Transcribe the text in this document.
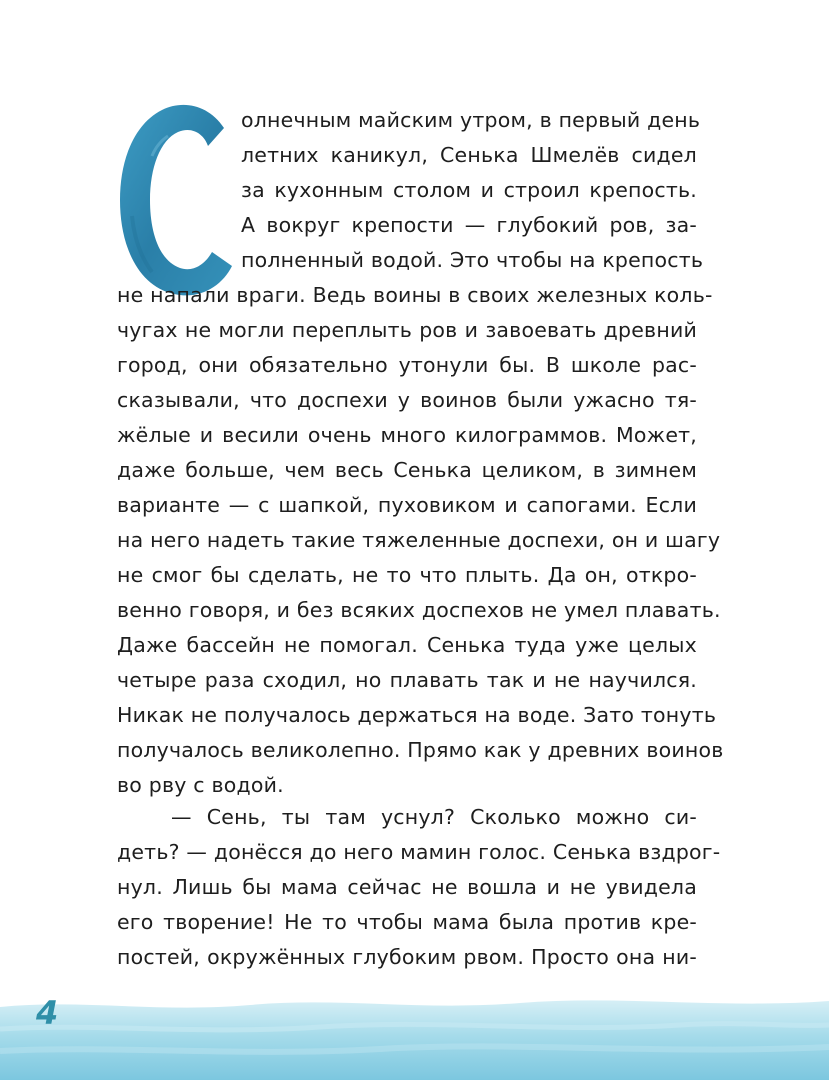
олнечным майским утром, в первый день
летних каникул, Сенька Шмелёв сидел
за кухонным столом и строил крепость.
А вокруг крепости — глубокий ров, за-
полненный водой. Это чтобы на крепость
не напали враги. Ведь воины в своих железных коль-
чугах не могли переплыть ров и завоевать древний
город, они обязательно утонули бы. В школе рас-
сказывали, что доспехи у воинов были ужасно тя-
жёлые и весили очень много килограммов. Может,
даже больше, чем весь Сенька целиком, в зимнем
варианте — с шапкой, пуховиком и сапогами. Если
на него надеть такие тяжеленные доспехи, он и шагу
не смог бы сделать, не то что плыть. Да он, откро-
венно говоря, и без всяких доспехов не умел плавать.
Даже бассейн не помогал. Сенька туда уже целых
четыре раза сходил, но плавать так и не научился.
Никак не получалось держаться на воде. Зато тонуть
получалось великолепно. Прямо как у древних воинов
во рву с водой.
— Сень, ты там уснул? Сколько можно си-
деть? — донёсся до него мамин голос. Сенька вздрог-
нул. Лишь бы мама сейчас не вошла и не увидела
его творение! Не то чтобы мама была против кре-
постей, окружённых глубоким рвом. Просто она ни-
4
